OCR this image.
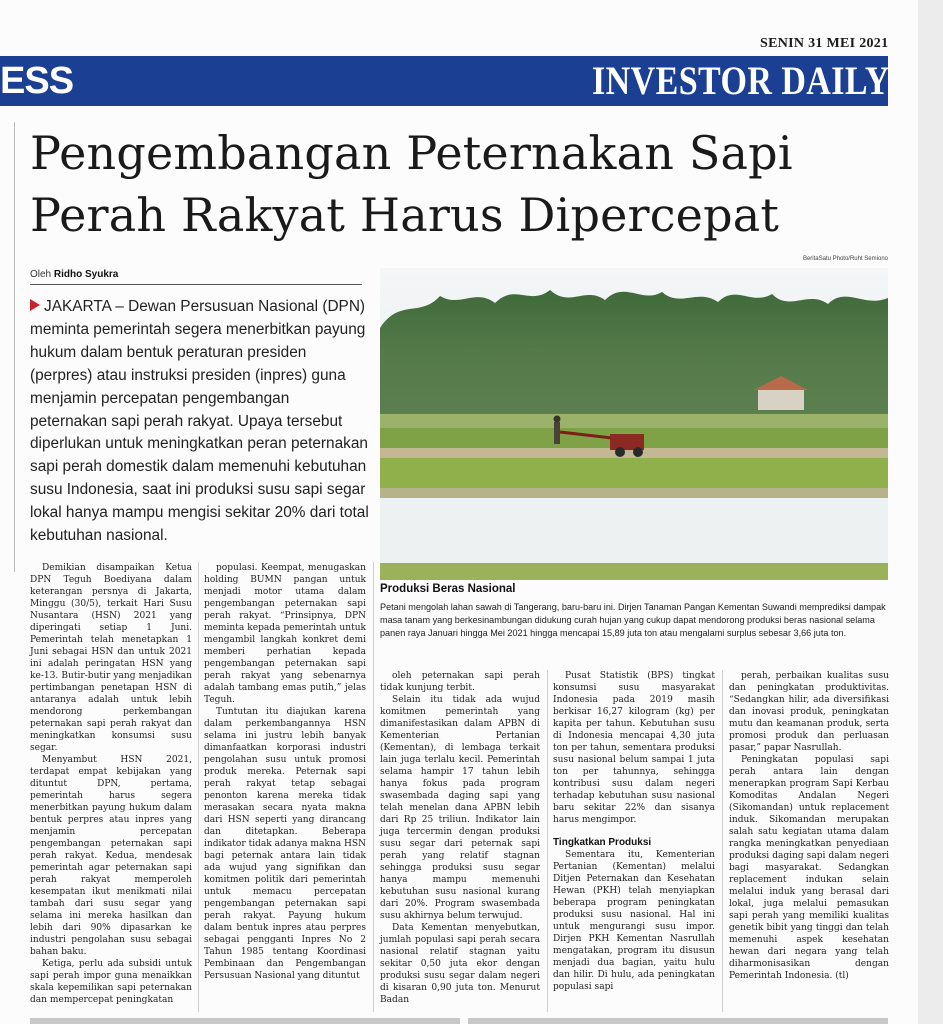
SENIN 31 MEI 2021
ESS	INVESTOR DAILY
Pengembangan Peternakan Sapi Perah Rakyat Harus Dipercepat
Oleh Ridho Syukra
BeritaSatu Photo/Ruht Semiono
JAKARTA – Dewan Persusuan Nasional (DPN) meminta pemerintah segera menerbitkan payung hukum dalam bentuk peraturan presiden (perpres) atau instruksi presiden (inpres) guna menjamin percepatan pengembangan peternakan sapi perah rakyat. Upaya tersebut diperlukan untuk meningkatkan peran peternakan sapi perah domestik dalam memenuhi kebutuhan susu Indonesia, saat ini produksi susu sapi segar lokal hanya mampu mengisi sekitar 20% dari total kebutuhan nasional.
Produksi Beras Nasional
Petani mengolah lahan sawah di Tangerang, baru-baru ini. Dirjen Tanaman Pangan Kementan Suwandi memprediksi dampak masa tanam yang berkesinambungan didukung curah hujan yang cukup dapat mendorong produksi beras nasional selama panen raya Januari hingga Mei 2021 hingga mencapai 15,89 juta ton atau mengalami surplus sebesar 3,66 juta ton.

Demikian disampaikan Ketua DPN Teguh Boediyana dalam keterangan persnya di Jakarta, Minggu (30/5), terkait Hari Susu Nusantara (HSN) 2021 yang diperingati setiap 1 Juni. Pemerintah telah menetapkan 1 Juni sebagai HSN dan untuk 2021 ini adalah peringatan HSN yang ke-13. Butir-butir yang menjadikan pertimbangan penetapan HSN di antaranya adalah untuk lebih mendorong perkembangan peternakan sapi perah rakyat dan meningkatkan konsumsi susu segar.

Menyambut HSN 2021, terdapat empat kebijakan yang dituntut DPN, pertama, pemerintah harus segera menerbitkan payung hukum dalam bentuk perpres atau inpres yang menjamin percepatan pengembangan peternakan sapi perah rakyat. Kedua, mendesak pemerintah agar peternakan sapi perah rakyat memperoleh kesempatan ikut menikmati nilai tambah dari susu segar yang selama ini mereka hasilkan dan lebih dari 90% dipasarkan ke industri pengolahan susu sebagai bahan baku.

Ketiga, perlu ada subsidi untuk sapi perah impor guna menaikkan skala kepemilikan sapi peternakan dan mempercepat peningkatan

populasi. Keempat, menugaskan holding BUMN pangan untuk menjadi motor utama dalam pengembangan peternakan sapi perah rakyat. “Prinsipnya, DPN meminta kepada pemerintah untuk mengambil langkah konkret demi memberi perhatian kepada pengembangan peternakan sapi perah rakyat yang sebenarnya adalah tambang emas putih,” jelas Teguh.

Tuntutan itu diajukan karena dalam perkembangannya HSN selama ini justru lebih banyak dimanfaatkan korporasi industri pengolahan susu untuk promosi produk mereka. Peternak sapi perah rakyat tetap sebagai penonton karena mereka tidak merasakan secara nyata makna dari HSN seperti yang dirancang dan ditetapkan. Beberapa indikator tidak adanya makna HSN bagi peternak antara lain tidak ada wujud yang signifikan dan komitmen politik dari pemerintah untuk memacu percepatan pengembangan peternakan sapi perah rakyat. Payung hukum dalam bentuk inpres atau perpres sebagai pengganti Inpres No 2 Tahun 1985 tentang Koordinasi Pembinaan dan Pengembangan Persusuan Nasional yang dituntut

oleh peternakan sapi perah tidak kunjung terbit.

Selain itu tidak ada wujud komitmen pemerintah yang dimanifestasikan dalam APBN di Kementerian Pertanian (Kementan), di lembaga terkait lain juga terlalu kecil. Pemerintah selama hampir 17 tahun lebih hanya fokus pada program swasembada daging sapi yang telah menelan dana APBN lebih dari Rp 25 triliun. Indikator lain juga tercermin dengan produksi susu segar dari peternak sapi perah yang relatif stagnan sehingga produksi susu segar hanya mampu memenuhi kebutuhan susu nasional kurang dari 20%. Program swasembada susu akhirnya belum terwujud.

Data Kementan menyebutkan, jumlah populasi sapi perah secara nasional relatif stagnan yaitu sekitar 0,50 juta ekor dengan produksi susu segar dalam negeri di kisaran 0,90 juta ton. Menurut Badan

Pusat Statistik (BPS) tingkat konsumsi susu masyarakat Indonesia pada 2019 masih berkisar 16,27 kilogram (kg) per kapita per tahun. Kebutuhan susu di Indonesia mencapai 4,30 juta ton per tahun, sementara produksi susu nasional belum sampai 1 juta ton per tahunnya, sehingga kontribusi susu dalam negeri terhadap kebutuhan susu nasional baru sekitar 22% dan sisanya harus mengimpor.

Tingkatkan Produksi

Sementara itu, Kementerian Pertanian (Kementan) melalui Ditjen Peternakan dan Kesehatan Hewan (PKH) telah menyiapkan beberapa program peningkatan produksi susu nasional. Hal ini untuk mengurangi susu impor. Dirjen PKH Kementan Nasrullah mengatakan, program itu disusun menjadi dua bagian, yaitu hulu dan hilir. Di hulu, ada peningkatan populasi sapi

perah, perbaikan kualitas susu dan peningkatan produktivitas. “Sedangkan hilir, ada diversifikasi dan inovasi produk, peningkatan mutu dan keamanan produk, serta promosi produk dan perluasan pasar,” papar Nasrullah.

Peningkatan populasi sapi perah antara lain dengan menerapkan program Sapi Kerbau Komoditas Andalan Negeri (Sikomandan) untuk replacement induk. Sikomandan merupakan salah satu kegiatan utama dalam rangka meningkatkan penyediaan produksi daging sapi dalam negeri bagi masyarakat. Sedangkan replacement indukan selain melalui induk yang berasal dari lokal, juga melalui pemasukan sapi perah yang memiliki kualitas genetik bibit yang tinggi dan telah memenuhi aspek kesehatan hewan dari negara yang telah diharmonisasikan dengan Pemerintah Indonesia. (tl)
